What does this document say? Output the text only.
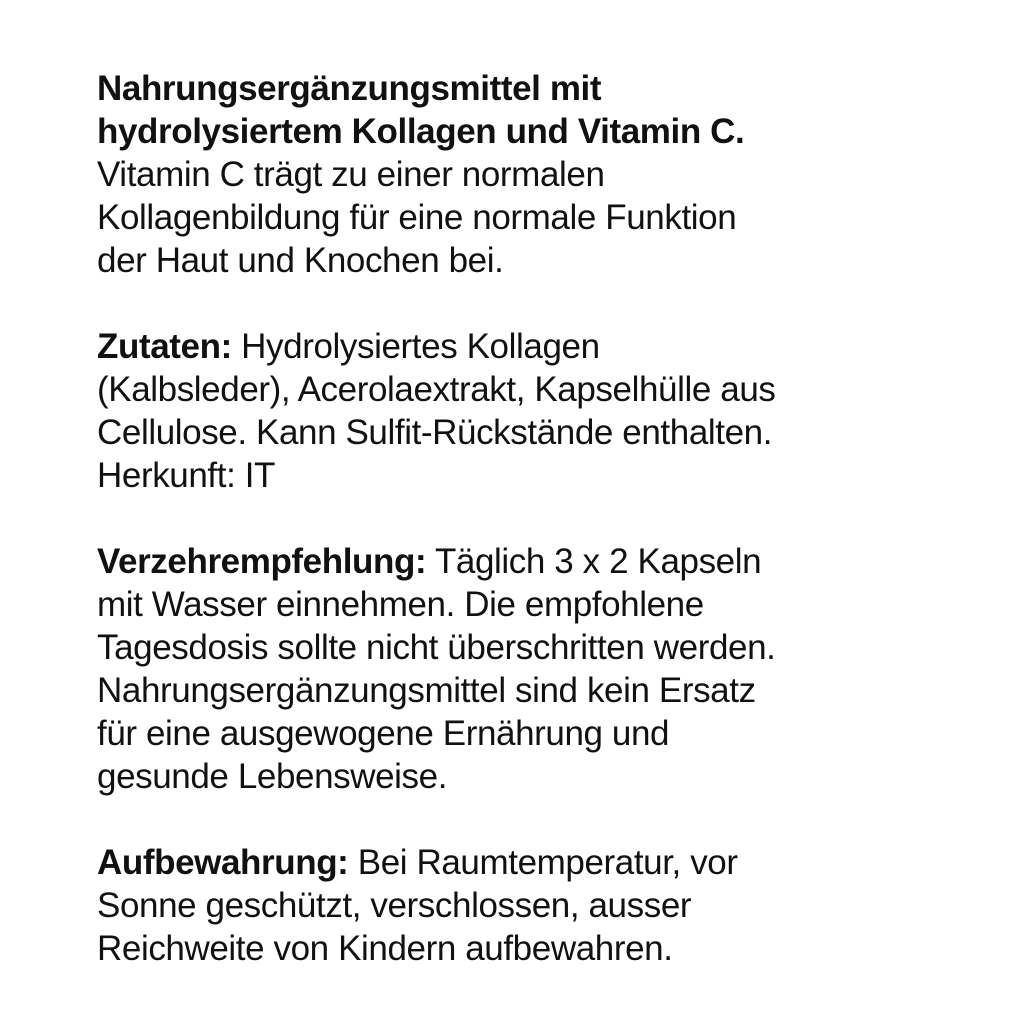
Nahrungsergänzungsmittel mit
hydrolysiertem Kollagen und Vitamin C.
Vitamin C trägt zu einer normalen
Kollagenbildung für eine normale Funktion
der Haut und Knochen bei.
Zutaten: Hydrolysiertes Kollagen
(Kalbsleder), Acerolaextrakt, Kapselhülle aus
Cellulose. Kann Sulfit-Rückstände enthalten.
Herkunft: IT
Verzehrempfehlung: Täglich 3 x 2 Kapseln
mit Wasser einnehmen. Die empfohlene
Tagesdosis sollte nicht überschritten werden.
Nahrungsergänzungsmittel sind kein Ersatz
für eine ausgewogene Ernährung und
gesunde Lebensweise.
Aufbewahrung: Bei Raumtemperatur, vor
Sonne geschützt, verschlossen, ausser
Reichweite von Kindern aufbewahren.
